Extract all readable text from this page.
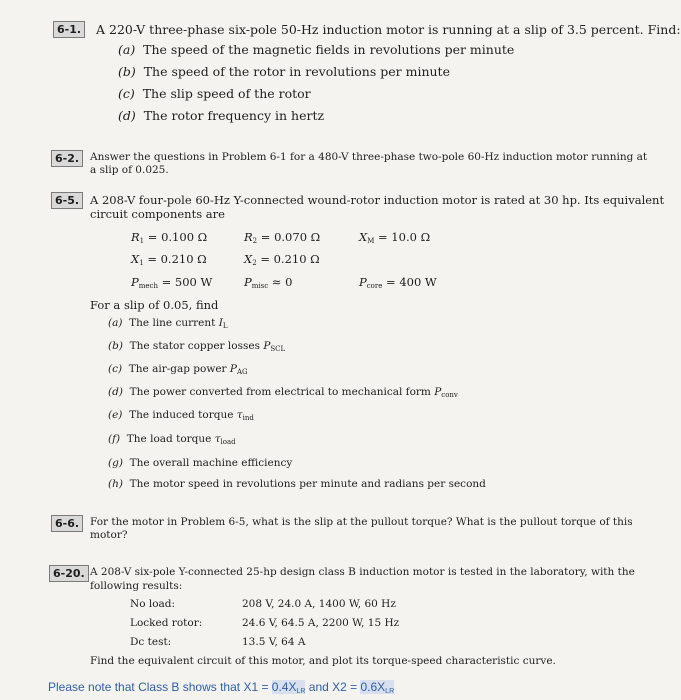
6-1.	A 220-V three-phase six-pole 50-Hz induction motor is running at a slip of 3.5 percent. Find:
(a) The speed of the magnetic fields in revolutions per minute
(b) The speed of the rotor in revolutions per minute
(c) The slip speed of the rotor
(d) The rotor frequency in hertz
6-2.	Answer the questions in Problem 6-1 for a 480-V three-phase two-pole 60-Hz induction motor running at
a slip of 0.025.
6-5. A 208-V four-pole 60-Hz Y-connected wound-rotor induction motor is rated at 30 hp. Its equivalent
circuit components are
$R_1 = 0.100$ Ω	$R_2 = 0.070$ Ω	$X_M = 10.0$ Ω
$X_1 = 0.210$ Ω	$X_2 = 0.210$ Ω
$P_{mech} = 500$ W	$P_{misc} \approx 0$	$P_{core} = 400$ W
For a slip of 0.05, find
(a) The line current $I_L$
(b) The stator copper losses $P_{SCL}$
(c) The air-gap power $P_{AG}$
(d) The power converted from electrical to mechanical form $P_{conv}$
(e) The induced torque $\tau_{ind}$
(f) The load torque $\tau_{load}$
(g) The overall machine efficiency
(h) The motor speed in revolutions per minute and radians per second
6-6.	For the motor in Problem 6-5, what is the slip at the pullout torque? What is the pullout torque of this
motor?
6-20. A 208-V six-pole Y-connected 25-hp design class B induction motor is tested in the laboratory, with the
following results:
No load:	208 V, 24.0 A, 1400 W, 60 Hz
Locked rotor:	24.6 V, 64.5 A, 2200 W, 15 Hz
Dc test:	13.5 V, 64 A
Find the equivalent circuit of this motor, and plot its torque-speed characteristic curve.
Please note that Class B shows that $X1 = 0.4X_{LR}$ and $X2 = 0.6X_{LR}$
